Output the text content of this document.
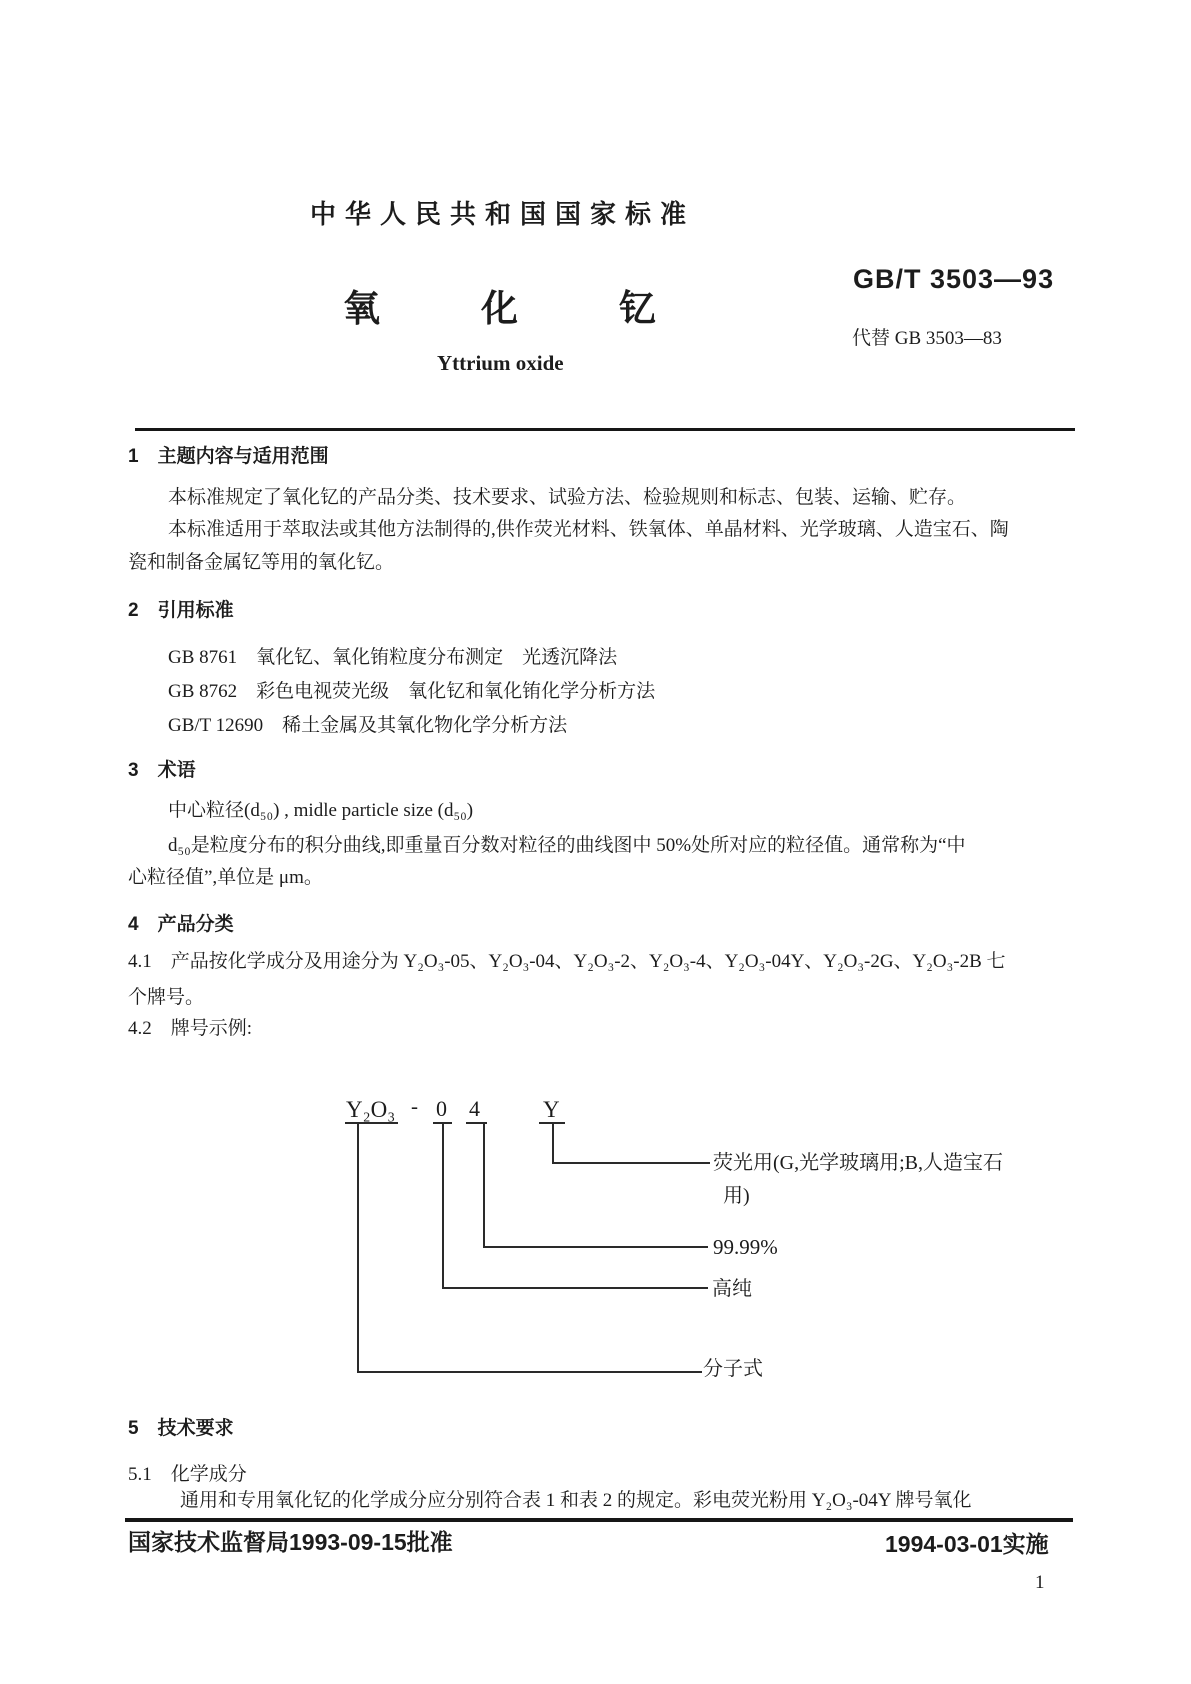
中华人民共和国国家标准
GB/T 3503—93
氧化钇
代替 GB 3503—83
Yttrium oxide
1　主题内容与适用范围
本标准规定了氧化钇的产品分类、技术要求、试验方法、检验规则和标志、包装、运输、贮存。
本标准适用于萃取法或其他方法制得的,供作荧光材料、铁氧体、单晶材料、光学玻璃、人造宝石、陶
瓷和制备金属钇等用的氧化钇。
2　引用标准
GB 8761　氧化钇、氧化铕粒度分布测定　光透沉降法
GB 8762　彩色电视荧光级　氧化钇和氧化铕化学分析方法
GB/T 12690　稀土金属及其氧化物化学分析方法
3　术语
中心粒径(d₅₀) , midle particle size (d₅₀)
d₅₀是粒度分布的积分曲线,即重量百分数对粒径的曲线图中 50%处所对应的粒径值。通常称为“中
心粒径值”,单位是 μm。
4　产品分类
4.1　产品按化学成分及用途分为 Y₂O₃-05、Y₂O₃-04、Y₂O₃-2、Y₂O₃-4、Y₂O₃-04Y、Y₂O₃-2G、Y₂O₃-2B 七
个牌号。
4.2　牌号示例:
Y₂O₃ - 0 4	Y
荧光用(G,光学玻璃用;B,人造宝石
用)
99.99%
高纯
分子式
5　技术要求
5.1　化学成分
通用和专用氧化钇的化学成分应分别符合表 1 和表 2 的规定。彩电荧光粉用 Y₂O₃-04Y 牌号氧化
国家技术监督局1993-09-15批准	1994-03-01实施
1
